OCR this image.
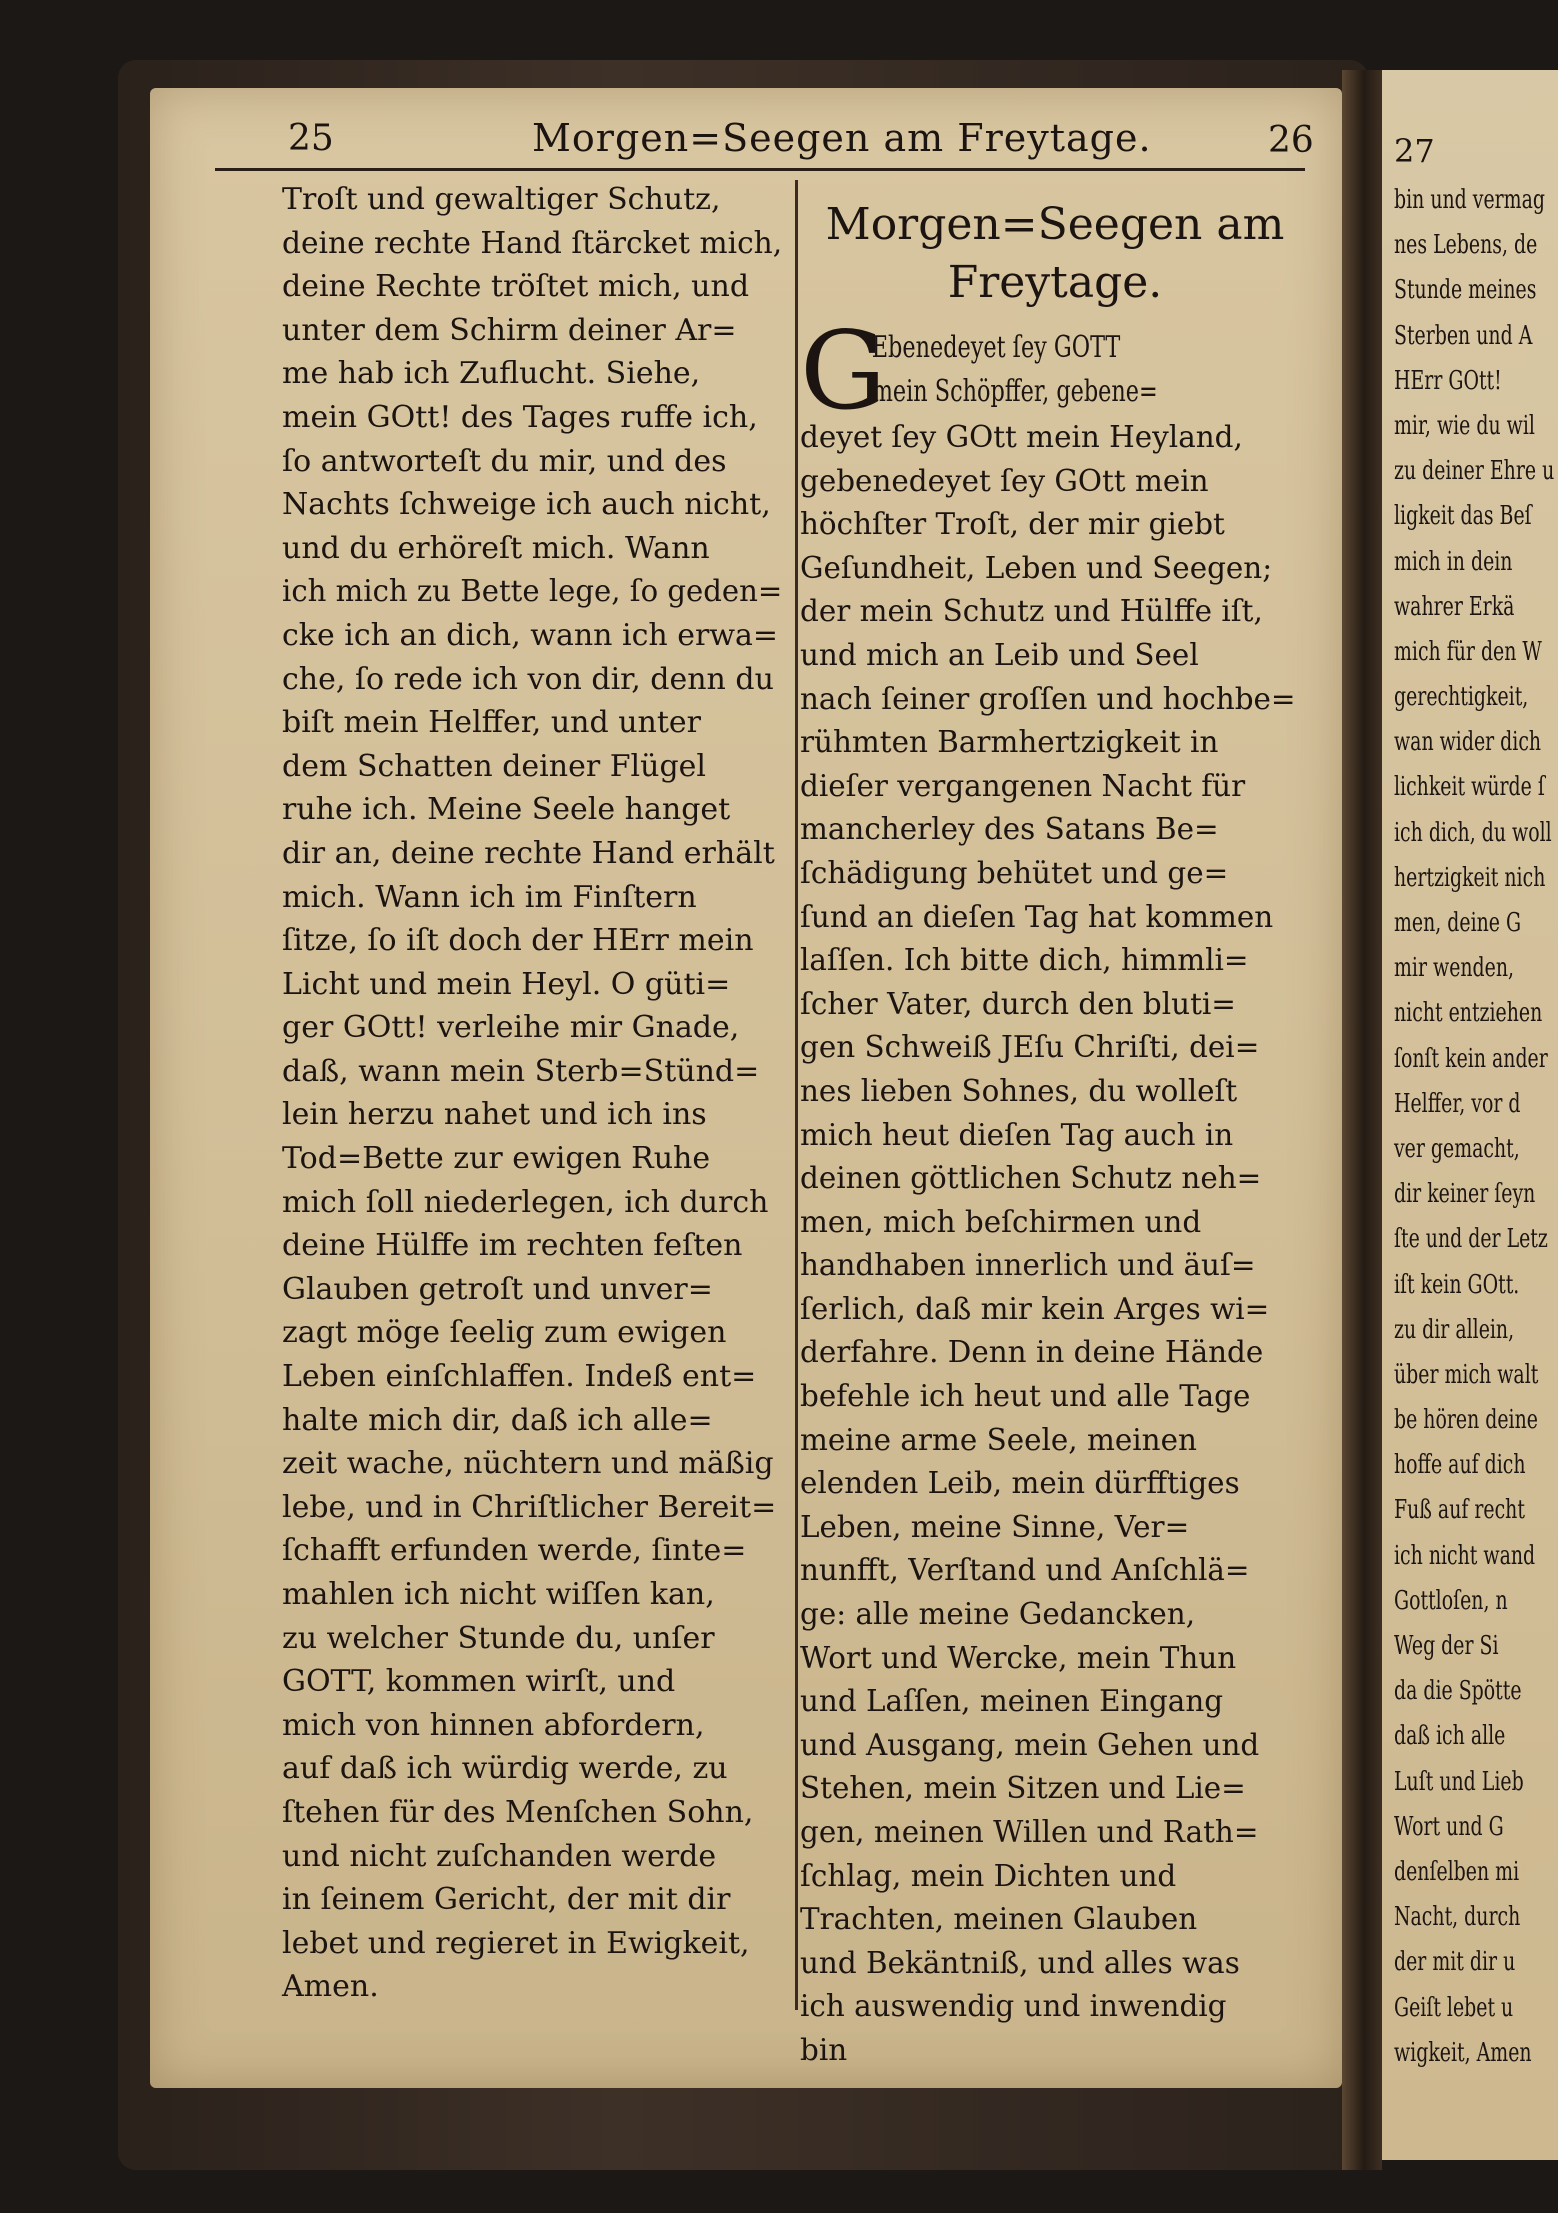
27
bin und vermag
nes Lebens, de
Stunde meines
Sterben und A
HErr GOtt!
mir, wie du wil
zu deiner Ehre u
ligkeit das Beſ
mich in dein
wahrer Erkä
mich für den W
gerechtigkeit,
wan wider dich
lichkeit würde ſ
ich dich, du woll
hertzigkeit nich
men, deine G
mir wenden,
nicht entziehen
ſonſt kein ander
Helffer, vor d
ver gemacht,
dir keiner ſeyn
ſte und der Letz
iſt kein GOtt.
zu dir allein,
über mich walt
be hören deine
hoffe auf dich
Fuß auf recht
ich nicht wand
Gottloſen, n
Weg der Si
da die Spötte
daß ich alle
Luſt und Lieb
Wort und G
denſelben mi
Nacht, durch
der mit dir u
Geiſt lebet u
wigkeit, Amen
25	Morgen=Seegen am Freytage.	26
Troſt und gewaltiger Schutz,
deine rechte Hand ſtärcket mich,
deine Rechte tröſtet mich, und
unter dem Schirm deiner Ar=
me hab ich Zuflucht. Siehe,
mein GOtt! des Tages ruffe ich,
ſo antworteſt du mir, und des
Nachts ſchweige ich auch nicht,
und du erhöreſt mich. Wann
ich mich zu Bette lege, ſo geden=
cke ich an dich, wann ich erwa=
che, ſo rede ich von dir, denn du
biſt mein Helffer, und unter
dem Schatten deiner Flügel
ruhe ich. Meine Seele hanget
dir an, deine rechte Hand erhält
mich. Wann ich im Finſtern
ſitze, ſo iſt doch der HErr mein
Licht und mein Heyl. O güti=
ger GOtt! verleihe mir Gnade,
daß, wann mein Sterb=Stünd=
lein herzu nahet und ich ins
Tod=Bette zur ewigen Ruhe
mich ſoll niederlegen, ich durch
deine Hülffe im rechten feſten
Glauben getroſt und unver=
zagt möge ſeelig zum ewigen
Leben einſchlaffen. Indeß ent=
halte mich dir, daß ich alle=
zeit wache, nüchtern und mäßig
lebe, und in Chriſtlicher Bereit=
ſchafft erfunden werde, ſinte=
mahlen ich nicht wiſſen kan,
zu welcher Stunde du, unſer
GOTT, kommen wirſt, und
mich von hinnen abfordern,
auf daß ich würdig werde, zu
ſtehen für des Menſchen Sohn,
und nicht zuſchanden werde
in ſeinem Gericht, der mit dir
lebet und regieret in Ewigkeit,
Amen.
Morgen=Seegen am
Freytage.
G
Ebenedeyet ſey GOTT
mein Schöpffer, gebene=
deyet ſey GOtt mein Heyland,
gebenedeyet ſey GOtt mein
höchſter Troſt, der mir giebt
Geſundheit, Leben und Seegen;
der mein Schutz und Hülffe iſt,
und mich an Leib und Seel
nach ſeiner groſſen und hochbe=
rühmten Barmhertzigkeit in
dieſer vergangenen Nacht für
mancherley des Satans Be=
ſchädigung behütet und ge=
ſund an dieſen Tag hat kommen
laſſen. Ich bitte dich, himmli=
ſcher Vater, durch den bluti=
gen Schweiß JEſu Chriſti, dei=
nes lieben Sohnes, du wolleſt
mich heut dieſen Tag auch in
deinen göttlichen Schutz neh=
men, mich beſchirmen und
handhaben innerlich und äuſ=
ſerlich, daß mir kein Arges wi=
derfahre. Denn in deine Hände
befehle ich heut und alle Tage
meine arme Seele, meinen
elenden Leib, mein dürfftiges
Leben, meine Sinne, Ver=
nunfft, Verſtand und Anſchlä=
ge: alle meine Gedancken,
Wort und Wercke, mein Thun
und Laſſen, meinen Eingang
und Ausgang, mein Gehen und
Stehen, mein Sitzen und Lie=
gen, meinen Willen und Rath=
ſchlag, mein Dichten und
Trachten, meinen Glauben
und Bekäntniß, und alles was
ich auswendig und inwendig
bin
